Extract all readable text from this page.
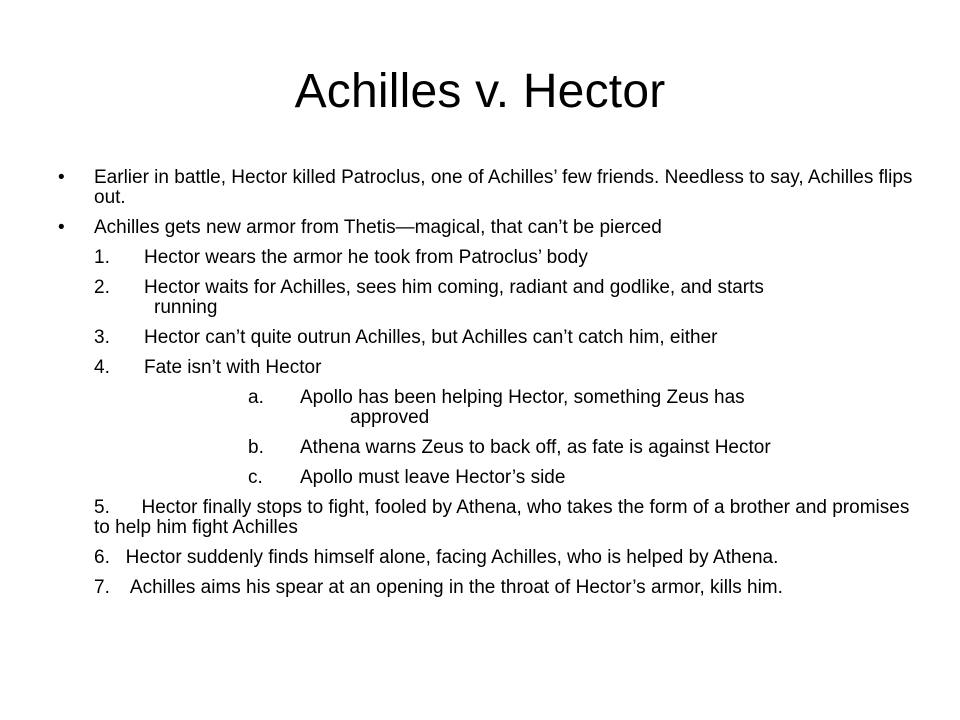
Achilles v. Hector
• Earlier in battle, Hector killed Patroclus, one of Achilles’ few friends. Needless to say, Achilles flips out.
• Achilles gets new armor from Thetis—magical, that can’t be pierced
1. Hector wears the armor he took from Patroclus’ body
2. Hector waits for Achilles, sees him coming, radiant and godlike, and starts
running
3. Hector can’t quite outrun Achilles, but Achilles can’t catch him, either
4. Fate isn’t with Hector
a. Apollo has been helping Hector, something Zeus has
approved
b. Athena warns Zeus to back off, as fate is against Hector
c. Apollo must leave Hector’s side
5.      Hector finally stops to fight, fooled by Athena, who takes the form of a brother and promises to help him fight Achilles
6.   Hector suddenly finds himself alone, facing Achilles, who is helped by Athena.
7.    Achilles aims his spear at an opening in the throat of Hector’s armor, kills him.
